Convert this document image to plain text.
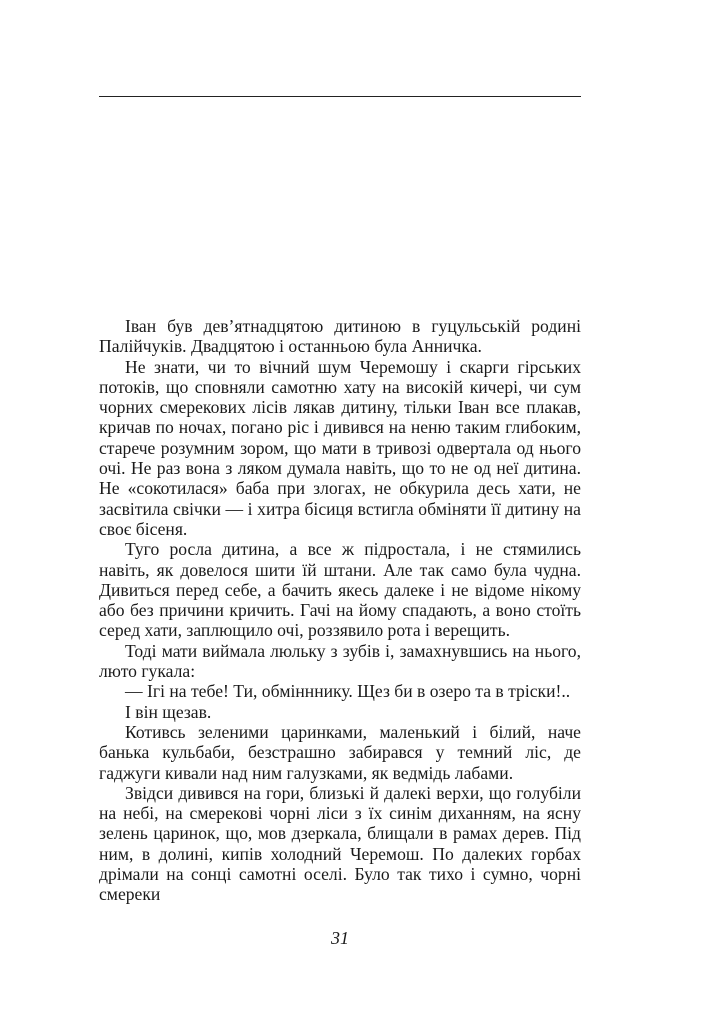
Іван був дев’ятнадцятою дитиною в гуцульській родині Палійчуків. Двадцятою і останньою була Анничка.

Не знати, чи то вічний шум Черемошу і скарги гірських потоків, що сповняли самотню хату на високій кичері, чи сум чорних смерекових лісів лякав дитину, тільки Іван все плакав, кричав по ночах, погано ріс і дивився на неню таким глибоким, старече розумним зором, що мати в тривозі одвертала од нього очі. Не раз вона з ляком думала навіть, що то не од неї дитина. Не «сокотилася» баба при злогах, не обкурила десь хати, не засвітила свічки — і хитра бісиця встигла обміняти її дитину на своє бісеня.

Туго росла дитина, а все ж підростала, і не стямились навіть, як довелося шити їй штани. Але так само була чудна. Дивиться перед себе, а бачить якесь далеке і не відоме нікому або без причини кричить. Гачі на йому спадають, а воно стоїть серед хати, заплющило очі, роззявило рота і верещить.

Тоді мати виймала люльку з зубів і, замахнувшись на нього, люто гукала:

— Ігі на тебе! Ти, обмінннику. Щез би в озеро та в тріски!..

І він щезав.

Котивсь зеленими царинками, маленький і білий, наче банька кульбаби, безстрашно забирався у темний ліс, де гаджуги кивали над ним галузками, як ведмідь лабами.

Звідси дивився на гори, близькі й далекі верхи, що голубіли на небі, на смерекові чорні ліси з їх синім диханням, на ясну зелень царинок, що, мов дзеркала, блищали в рамах дерев. Під ним, в долині, кипів холодний Черемош. По далеких горбах дрімали на сонці самотні оселі. Було так тихо і сумно, чорні смереки

31
